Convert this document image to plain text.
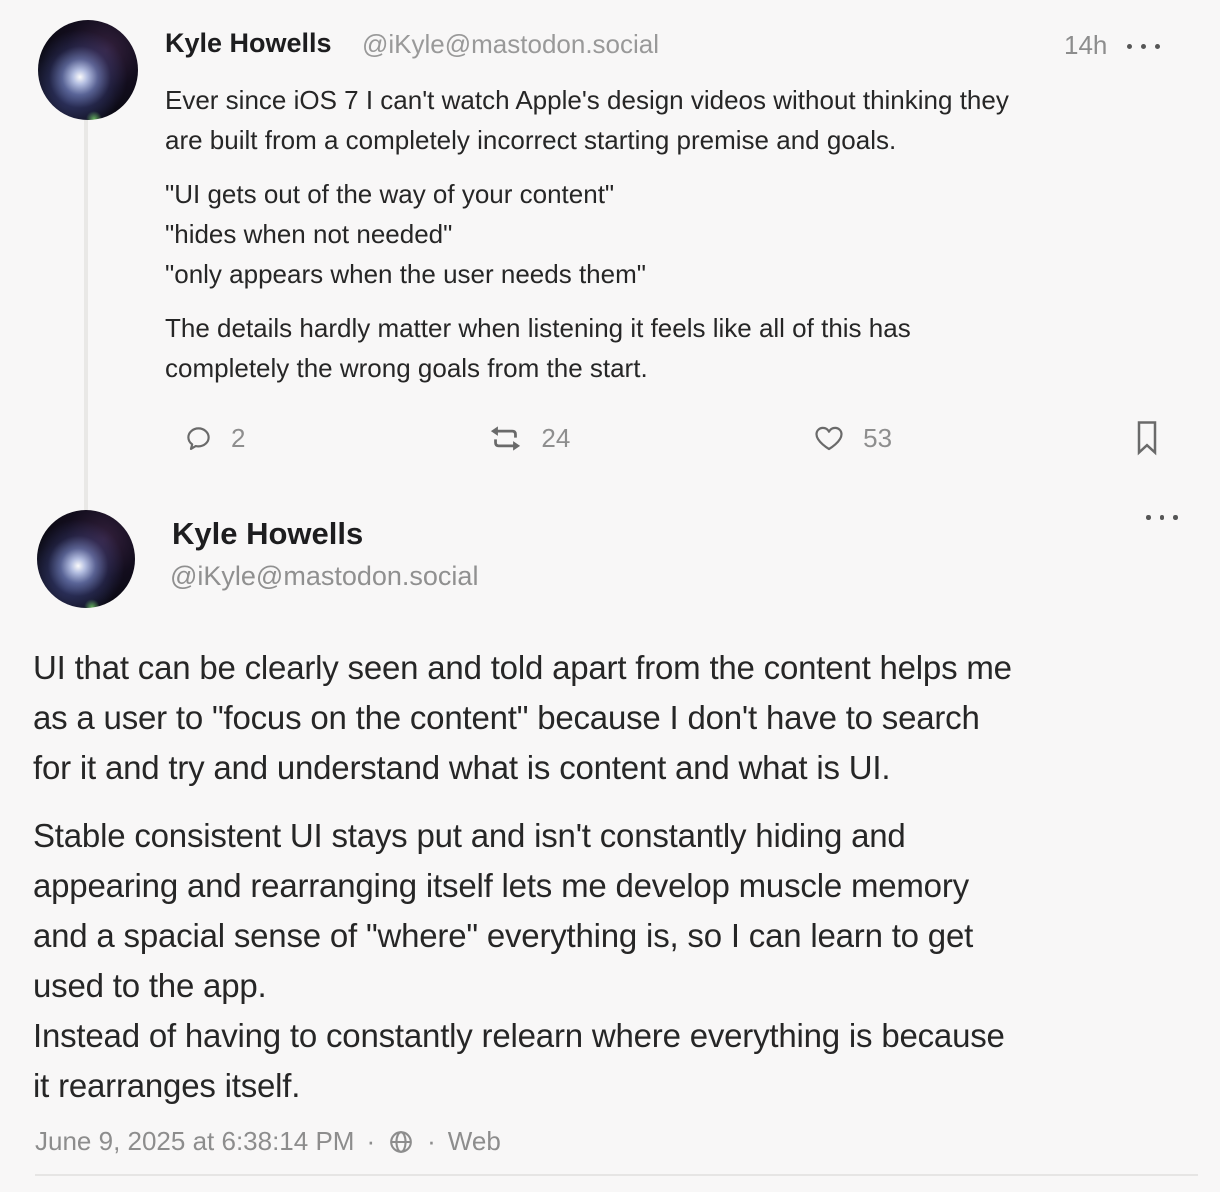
Kyle Howells @iKyle@mastodon.social	14h
Ever since iOS 7 I can't watch Apple's design videos without thinking they
are built from a completely incorrect starting premise and goals.
"UI gets out of the way of your content"
"hides when not needed"
"only appears when the user needs them"
The details hardly matter when listening it feels like all of this has
completely the wrong goals from the start.
2	24	53
Kyle Howells
@iKyle@mastodon.social
UI that can be clearly seen and told apart from the content helps me
as a user to "focus on the content" because I don't have to search
for it and try and understand what is content and what is UI.
Stable consistent UI stays put and isn't constantly hiding and
appearing and rearranging itself lets me develop muscle memory
and a spacial sense of "where" everything is, so I can learn to get
used to the app.
Instead of having to constantly relearn where everything is because
it rearranges itself.
June 9, 2025 at 6:38:14 PM · · Web
